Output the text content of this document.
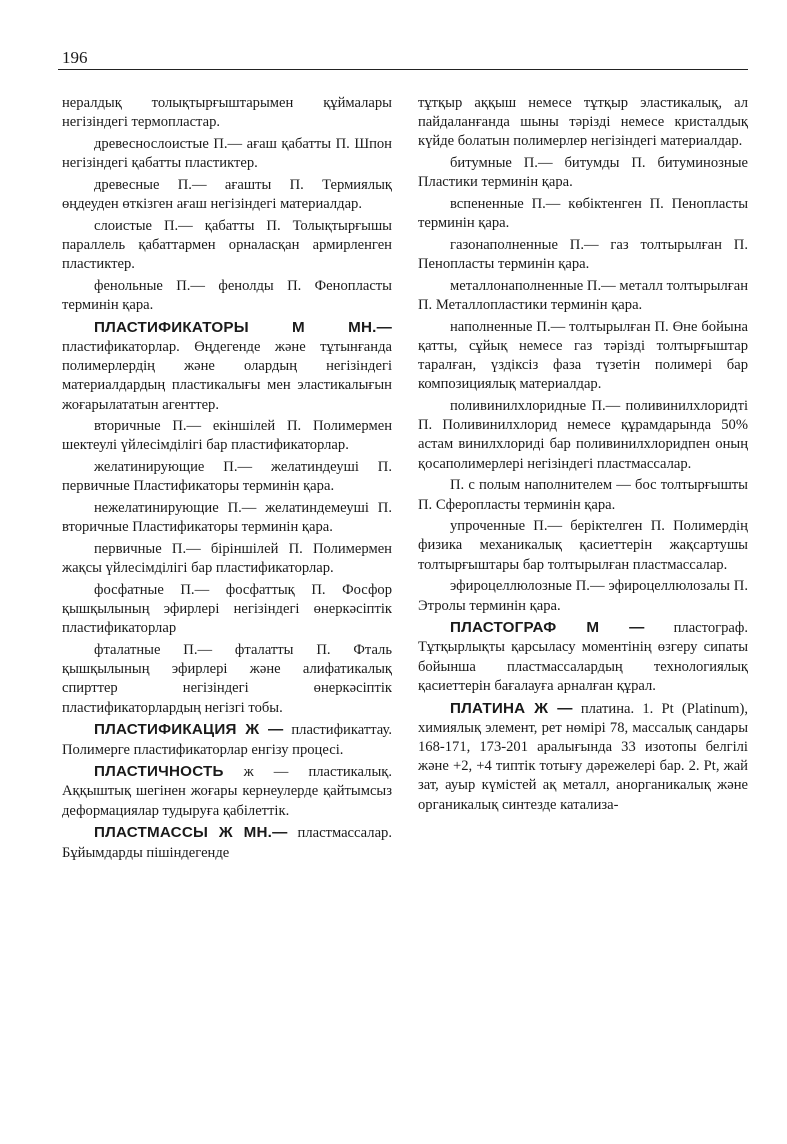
196

нералдық толықтырғыштарымен құймалары негізіндегі термопластар.

древеснослоистые П.— ағаш қабатты П. Шпон негізіндегі қабатты пластиктер.

древесные П.— ағашты П. Термиялық өңдеуден өткізген ағаш негізіндегі материалдар.

слоистые П.— қабатты П. Толықтырғышы параллель қабаттармен орналасқан армирленген пластиктер.

фенольные П.— фенолды П. Фенопласты терминін қара.

ПЛАСТИФИКАТОРЫ М МН.— пластификаторлар. Өңдегенде және тұтынғанда полимерлердің және олардың негізіндегі материалдардың пластикалығы мен эластикалығын жоғарылататын агенттер.

вторичные П.— екіншілей П. Полимермен шектеулі үйлесімділігі бар пластификаторлар.

желатинирующие П.— желатиндеуші П. первичные Пластификаторы терминін қара.

нежелатинирующие П.— желатиндемеуші П. вторичные Пластификаторы терминін қара.

первичные П.— біріншілей П. Полимермен жақсы үйлесімділігі бар пластификаторлар.

фосфатные П.— фосфаттық П. Фосфор қышқылының эфирлері негізіндегі өнеркәсіптік пластификаторлар

фталатные П.— фталатты П. Фталь қышқылының эфирлері және алифатикалық спирттер негізіндегі өнеркәсіптік пластификаторлардың негізгі тобы.

ПЛАСТИФИКАЦИЯ Ж — пластификаттау. Полимерге пластификаторлар енгізу процесі.

ПЛАСТИЧНОСТЬ ж — пластикалық. Аққыштық шегінен жоғары кернеулерде қайтымсыз деформациялар тудыруға қабілеттік.

ПЛАСТМАССЫ Ж МН.— пластмассалар. Бұйымдарды пішіндегенде

тұтқыр аққыш немесе тұтқыр эластикалық, ал пайдаланғанда шыны тәрізді немесе кристалдық күйде болатын полимерлер негізіндегі материалдар.

битумные П.— битумды П. битуминозные Пластики терминін қара.

вспененные П.— көбіктенген П. Пенопласты терминін қара.

газонаполненные П.— газ толтырылған П. Пенопласты терминін қара.

металлонаполненные П.— металл толтырылған П. Металлопластики терминін қара.

наполненные П.— толтырылған П. Өне бойына қатты, сұйық немесе газ тәрізді толтырғыштар таралған, үздіксіз фаза түзетін полимері бар композициялық материалдар.

поливинилхлоридные П.— поливинилхлоридті П. Поливинилхлорид немесе құрамдарында 50% астам винилхлориді бар поливинилхлоридпен оның қосаполимерлері негізіндегі пластмассалар.

П. с полым наполнителем — бос толтырғышты П. Сферопласты терминін қара.

упроченные П.— беріктелген П. Полимердің физика механикалық қасиеттерін жақсартушы толтырғыштары бар толтырылған пластмассалар.

эфироцеллюлозные П.— эфироцеллюлозалы П. Этролы терминін қара.

ПЛАСТОГРАФ М — пластограф. Тұтқырлықты қарсыласу моментінің өзгеру сипаты бойынша пластмассалардың технологиялық қасиеттерін бағалауға арналған құрал.

ПЛАТИНА Ж — платина. 1. Pt (Platinum), химиялық элемент, рет нөмірі 78, массалық сандары 168-171, 173-201 аралығында 33 изотопы белгілі және +2, +4 типтік тотығу дәрежелері бар. 2. Pt, жай зат, ауыр күмістей ақ металл, анорганикалық және органикалық синтезде катализа-
